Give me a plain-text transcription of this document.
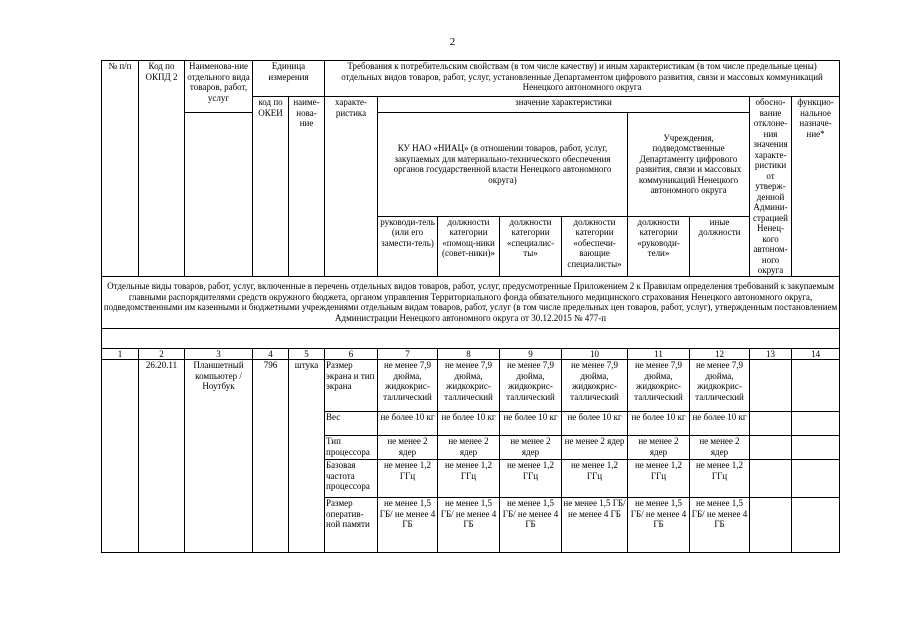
2
№ п/п	Код по ОКПД 2	Наименова-ние отдельного вида товаров, работ, услуг	Единица измерения		Требования к потребительским свойствам (в том числе качеству) и иным характеристикам (в том числе предельные цены) отдельных видов товаров, работ, услуг, установленные Департаментом цифрового развития, связи и массовых коммуникаций Ненецкого автономного округа								
			код по ОКЕИ	наиме-нова-ние	характе-ристика	значение характеристики						обосно-вание отклоне-ния значения характе-ристики от утверж-денной Админи-страцией Ненец-кого автоном-ного округа	функцио-нальное назначе-ние*
						КУ НАО «НИАЦ» (в отношении товаров, работ, услуг, закупаемых для материально-технического обеспечения органов государственной власти Ненецкого автономного округа)				Учреждения, подведомственные Департаменту цифрового развития, связи и массовых коммуникаций Ненецкого автономного округа			
						руководи-тель (или его замести-тель)	должности категории «помощ-ники (совет-ники)»	должности категории «специалис-ты»	должности категории «обеспечи-вающие специалисты»	должности категории «руководи-тели»	иные должности		
Отдельные виды товаров, работ, услуг, включенные в перечень отдельных видов товаров, работ, услуг, предусмотренные Приложением 2 к Правилам определения требований к закупаемым главными распорядителями средств окружного бюджета, органом управления Территориального фонда обязательного медицинского страхования Ненецкого автономного округа, подведомственными им казенными и бюджетными учреждениями отдельным видам товаров, работ, услуг (в том числе предельных цен товаров, работ, услуг), утвержденным постановлением Администрации Ненецкого автономного округа от 30.12.2015 № 477-п													

1	2	3	4	5	6	7	8	9	10	11	12	13	14
	26.20.11	Планшетный компьютер / Ноутбук	796	штука	Размер экрана и тип экрана	не менее 7,9 дюйма, жидкокрис-таллический	не менее 7,9 дюйма, жидкокрис-таллический	не менее 7,9 дюйма, жидкокрис-таллический	не менее 7,9 дюйма, жидкокрис-таллический	не менее 7,9 дюйма, жидкокрис-таллический	не менее 7,9 дюйма, жидкокрис-таллический		
					Вес	не более 10 кг	не более 10 кг	не более 10 кг	не более 10 кг	не более 10 кг	не более 10 кг		
					Тип процессора	не менее 2 ядер	не менее 2 ядер	не менее 2 ядер	не менее 2 ядер	не менее 2 ядер	не менее 2 ядер		
					Базовая частота процессора	не менее 1,2 ГГц	не менее 1,2 ГГц	не менее 1,2 ГГц	не менее 1,2 ГГц	не менее 1,2 ГГц	не менее 1,2 ГГц		
					Размер оператив-ной памяти	не менее 1,5 ГБ/ не менее 4 ГБ	не менее 1,5 ГБ/ не менее 4 ГБ	не менее 1,5 ГБ/ не менее 4 ГБ	не менее 1,5 ГБ/ не менее 4 ГБ	не менее 1,5 ГБ/ не менее 4 ГБ	не менее 1,5 ГБ/ не менее 4 ГБ		
